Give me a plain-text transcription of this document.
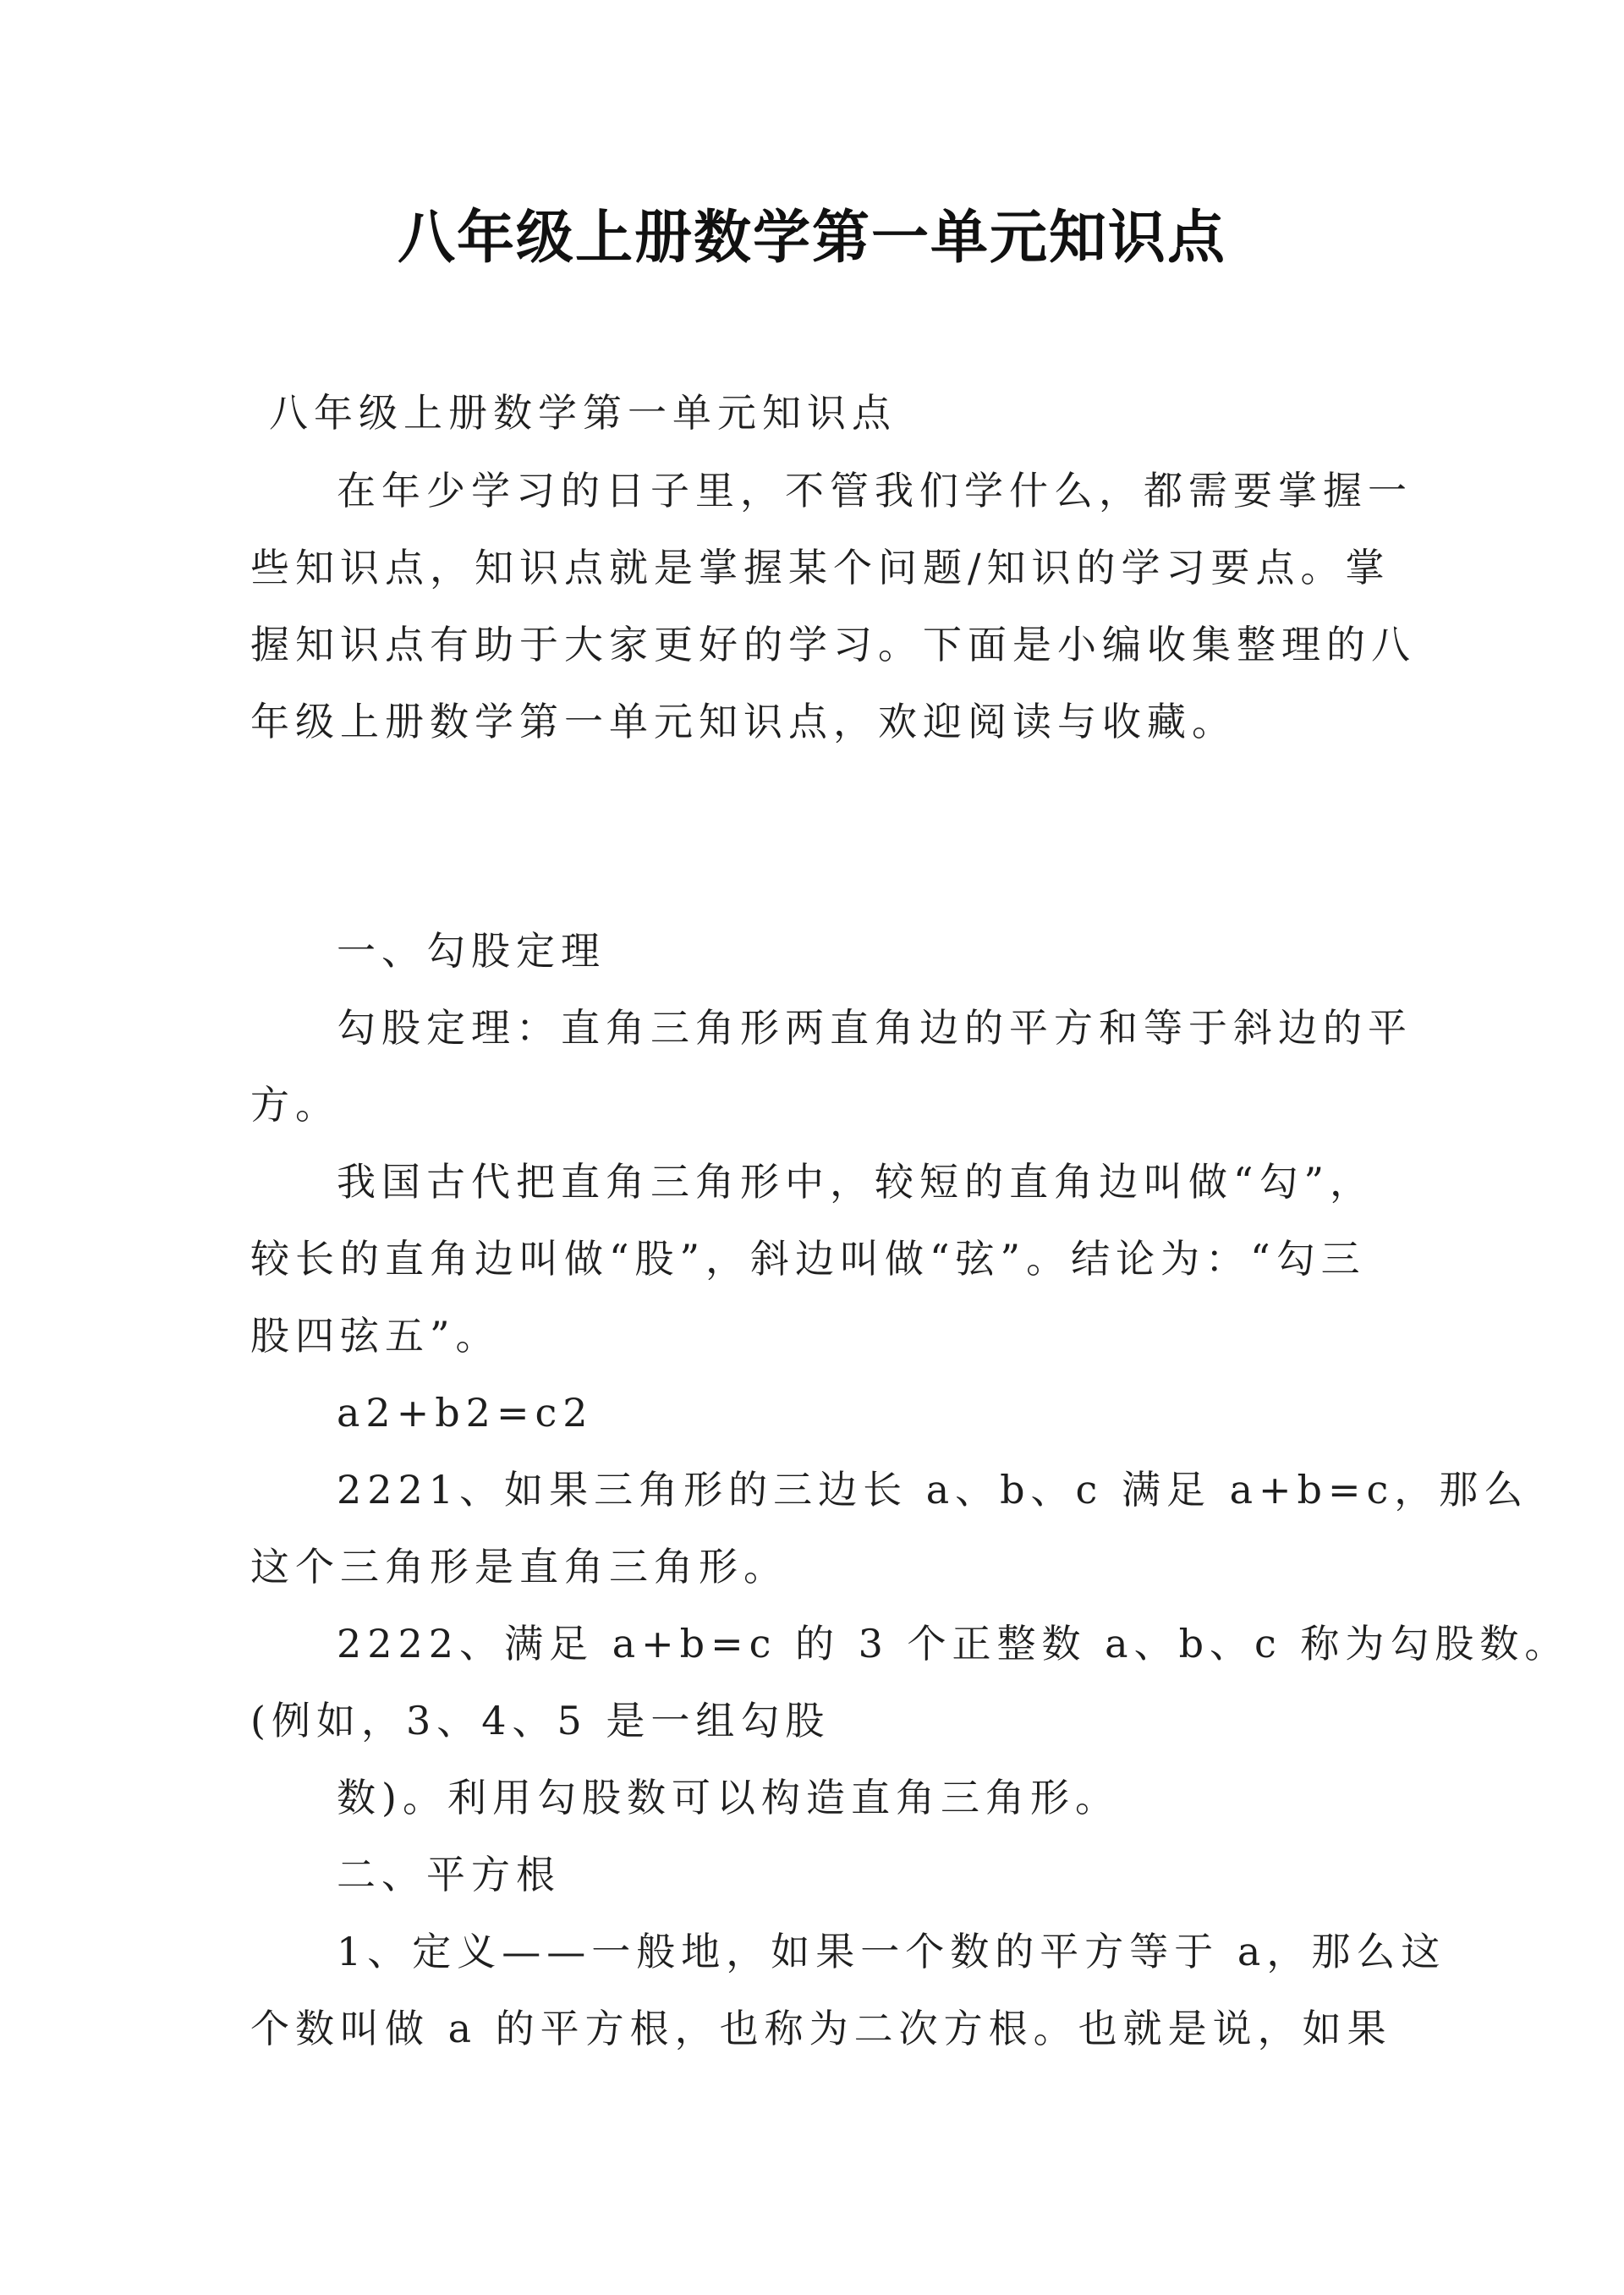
八年级上册数学第一单元知识点
八年级上册数学第一单元知识点
在年少学习的日子里，不管我们学什么，都需要掌握一
些知识点，知识点就是掌握某个问题/知识的学习要点。掌
握知识点有助于大家更好的学习。下面是小编收集整理的八
年级上册数学第一单元知识点，欢迎阅读与收藏。
一、勾股定理
勾股定理：直角三角形两直角边的平方和等于斜边的平
方。
我国古代把直角三角形中，较短的直角边叫做“勾”，
较长的直角边叫做“股”，斜边叫做“弦”。结论为：“勾三
股四弦五”。
a2+b2=c2
2221、如果三角形的三边长 a、b、c 满足 a+b=c，那么
这个三角形是直角三角形。
2222、满足 a+b=c 的 3 个正整数 a、b、c 称为勾股数。
(例如，3、4、5 是一组勾股
数)。利用勾股数可以构造直角三角形。
二、平方根
1、定义——一般地，如果一个数的平方等于 a，那么这
个数叫做 a 的平方根，也称为二次方根。也就是说，如果
